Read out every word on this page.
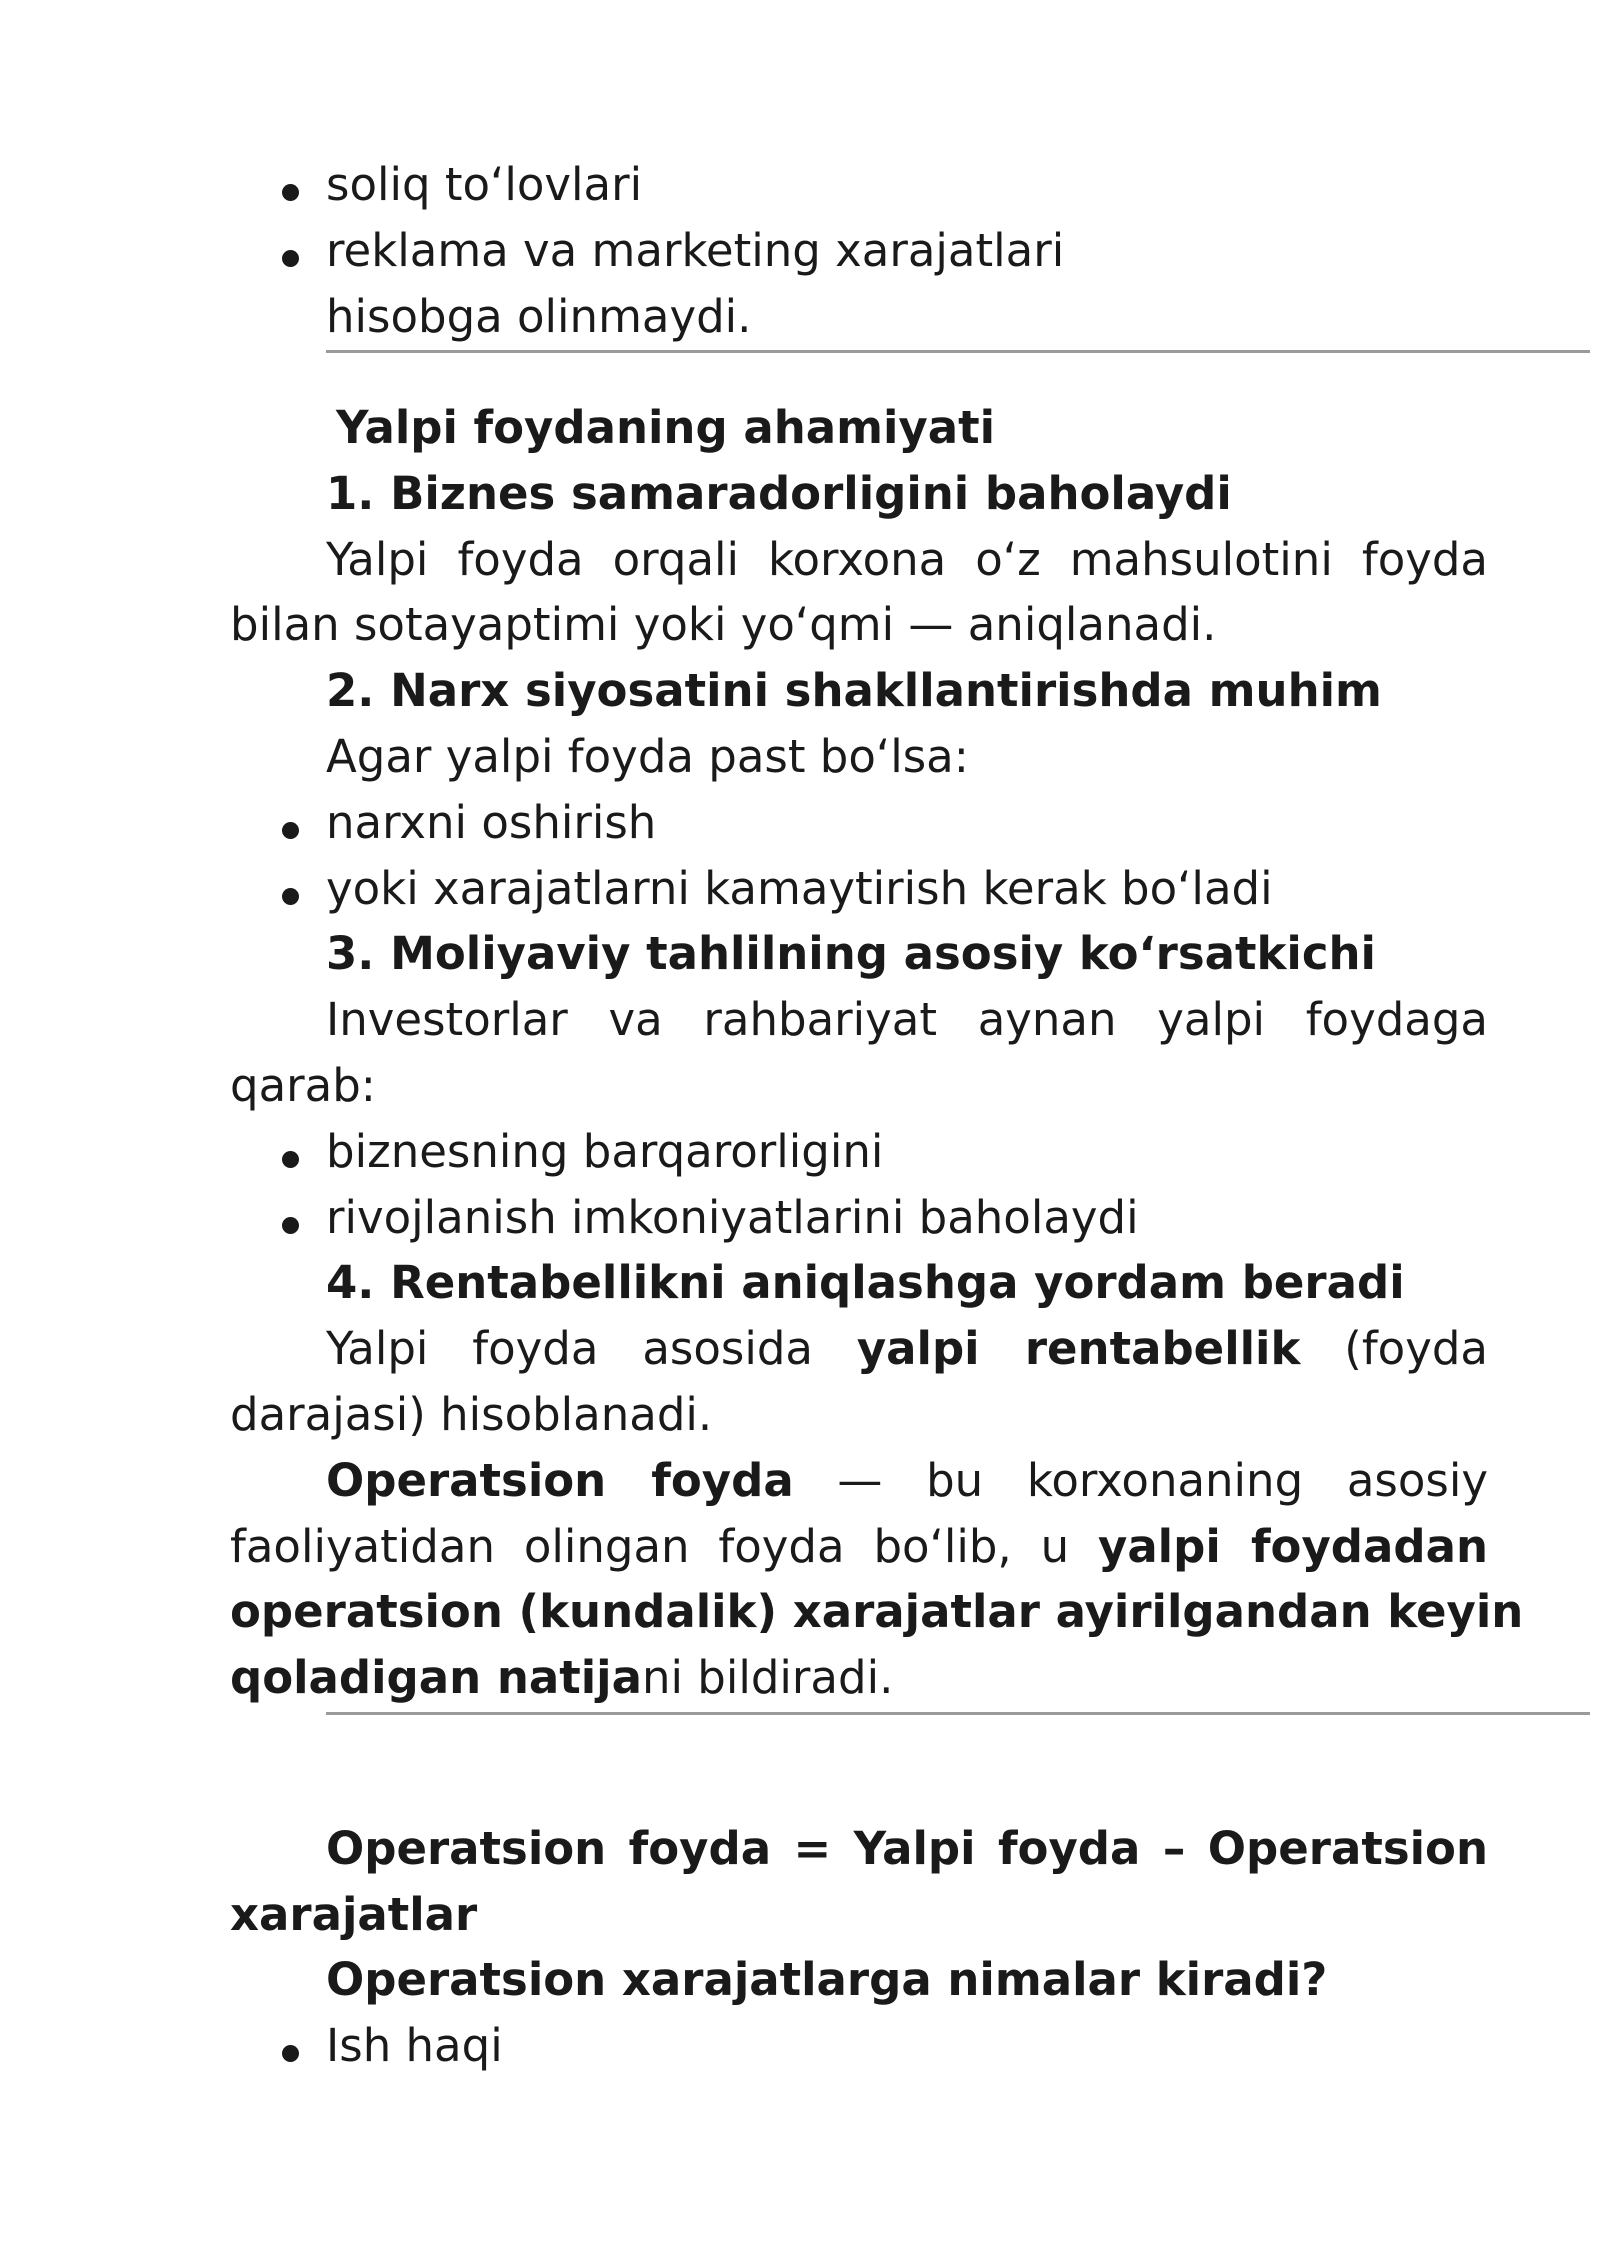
soliq to‘lovlari
reklama va marketing xarajatlari
hisobga olinmaydi.
Yalpi foydaning ahamiyati
1. Biznes samaradorligini baholaydi
Yalpi foyda orqali korxona o‘z mahsulotini foyda
bilan sotayaptimi yoki yo‘qmi — aniqlanadi.
2. Narx siyosatini shakllantirishda muhim
Agar yalpi foyda past bo‘lsa:
narxni oshirish
yoki xarajatlarni kamaytirish kerak bo‘ladi
3. Moliyaviy tahlilning asosiy ko‘rsatkichi
Investorlar va rahbariyat aynan yalpi foydaga
qarab:
biznesning barqarorligini
rivojlanish imkoniyatlarini baholaydi
4. Rentabellikni aniqlashga yordam beradi
Yalpi foyda asosida yalpi rentabellik (foyda
darajasi) hisoblanadi.
Operatsion foyda — bu korxonaning asosiy
faoliyatidan olingan foyda bo‘lib, u yalpi foydadan
operatsion (kundalik) xarajatlar ayirilgandan keyin
qoladigan natijani bildiradi.
Operatsion foyda = Yalpi foyda – Operatsion
xarajatlar
Operatsion xarajatlarga nimalar kiradi?
Ish haqi
